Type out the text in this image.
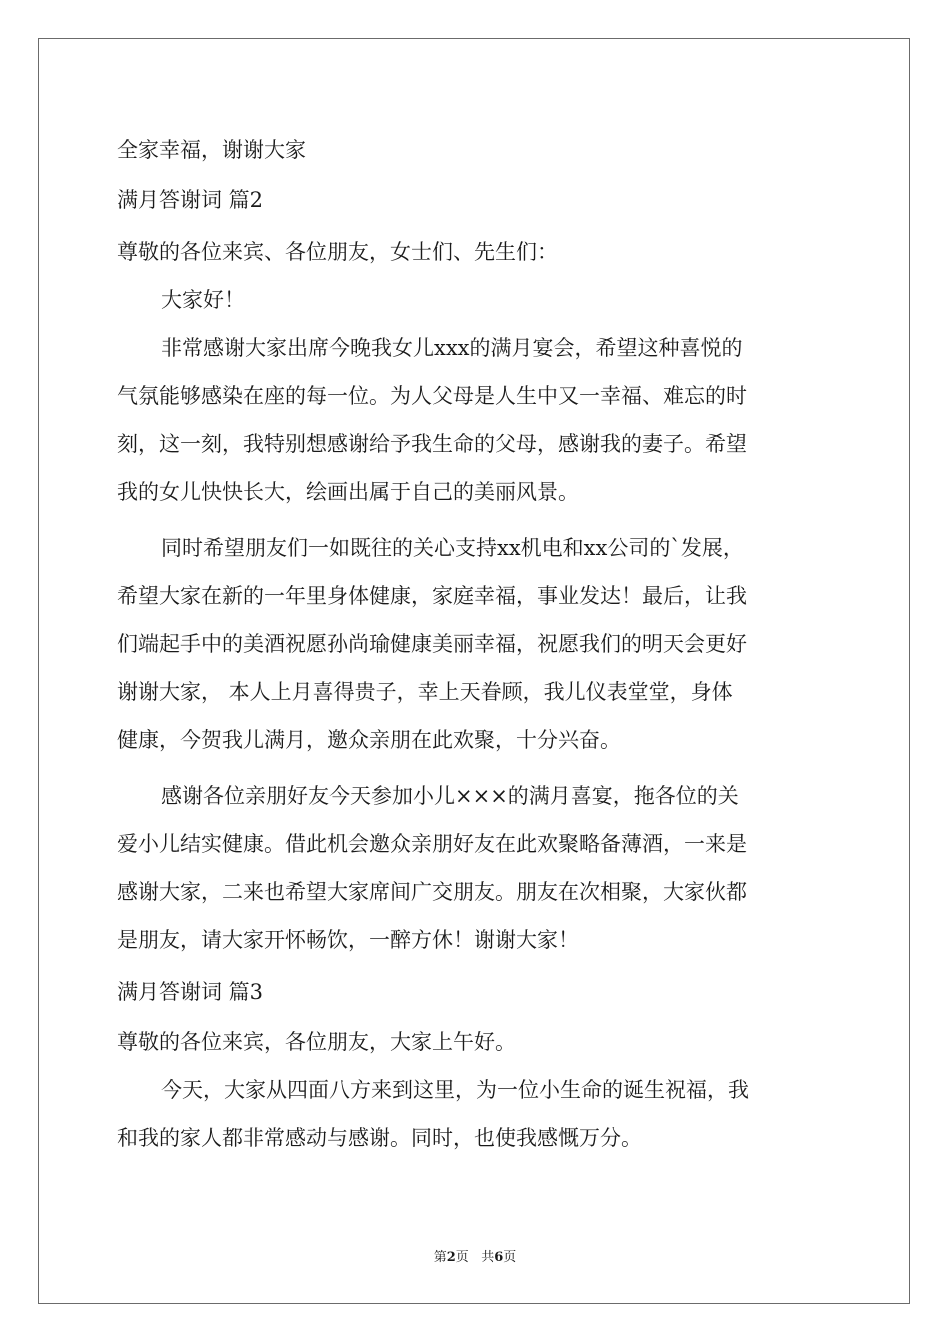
全家幸福，谢谢大家
满月答谢词 篇2
尊敬的各位来宾、各位朋友，女士们、先生们：
大家好！
非常感谢大家出席今晚我女儿xxx的满月宴会，希望这种喜悦的
气氛能够感染在座的每一位。为人父母是人生中又一幸福、难忘的时
刻，这一刻，我特别想感谢给予我生命的父母，感谢我的妻子。希望
我的女儿快快长大，绘画出属于自己的美丽风景。
同时希望朋友们一如既往的关心支持xx机电和xx公司的`发展，
希望大家在新的一年里身体健康，家庭幸福，事业发达！最后，让我
们端起手中的美酒祝愿孙尚瑜健康美丽幸福，祝愿我们的明天会更好
谢谢大家， 本人上月喜得贵子，幸上天眷顾，我儿仪表堂堂，身体
健康，今贺我儿满月，邀众亲朋在此欢聚，十分兴奋。
感谢各位亲朋好友今天参加小儿×××的满月喜宴，拖各位的关
爱小儿结实健康。借此机会邀众亲朋好友在此欢聚略备薄酒，一来是
感谢大家，二来也希望大家席间广交朋友。朋友在次相聚，大家伙都
是朋友，请大家开怀畅饮，一醉方休！谢谢大家！
满月答谢词 篇3
尊敬的各位来宾，各位朋友，大家上午好。
今天，大家从四面八方来到这里，为一位小生命的诞生祝福，我
和我的家人都非常感动与感谢。同时，也使我感慨万分。
第2页 共6页
